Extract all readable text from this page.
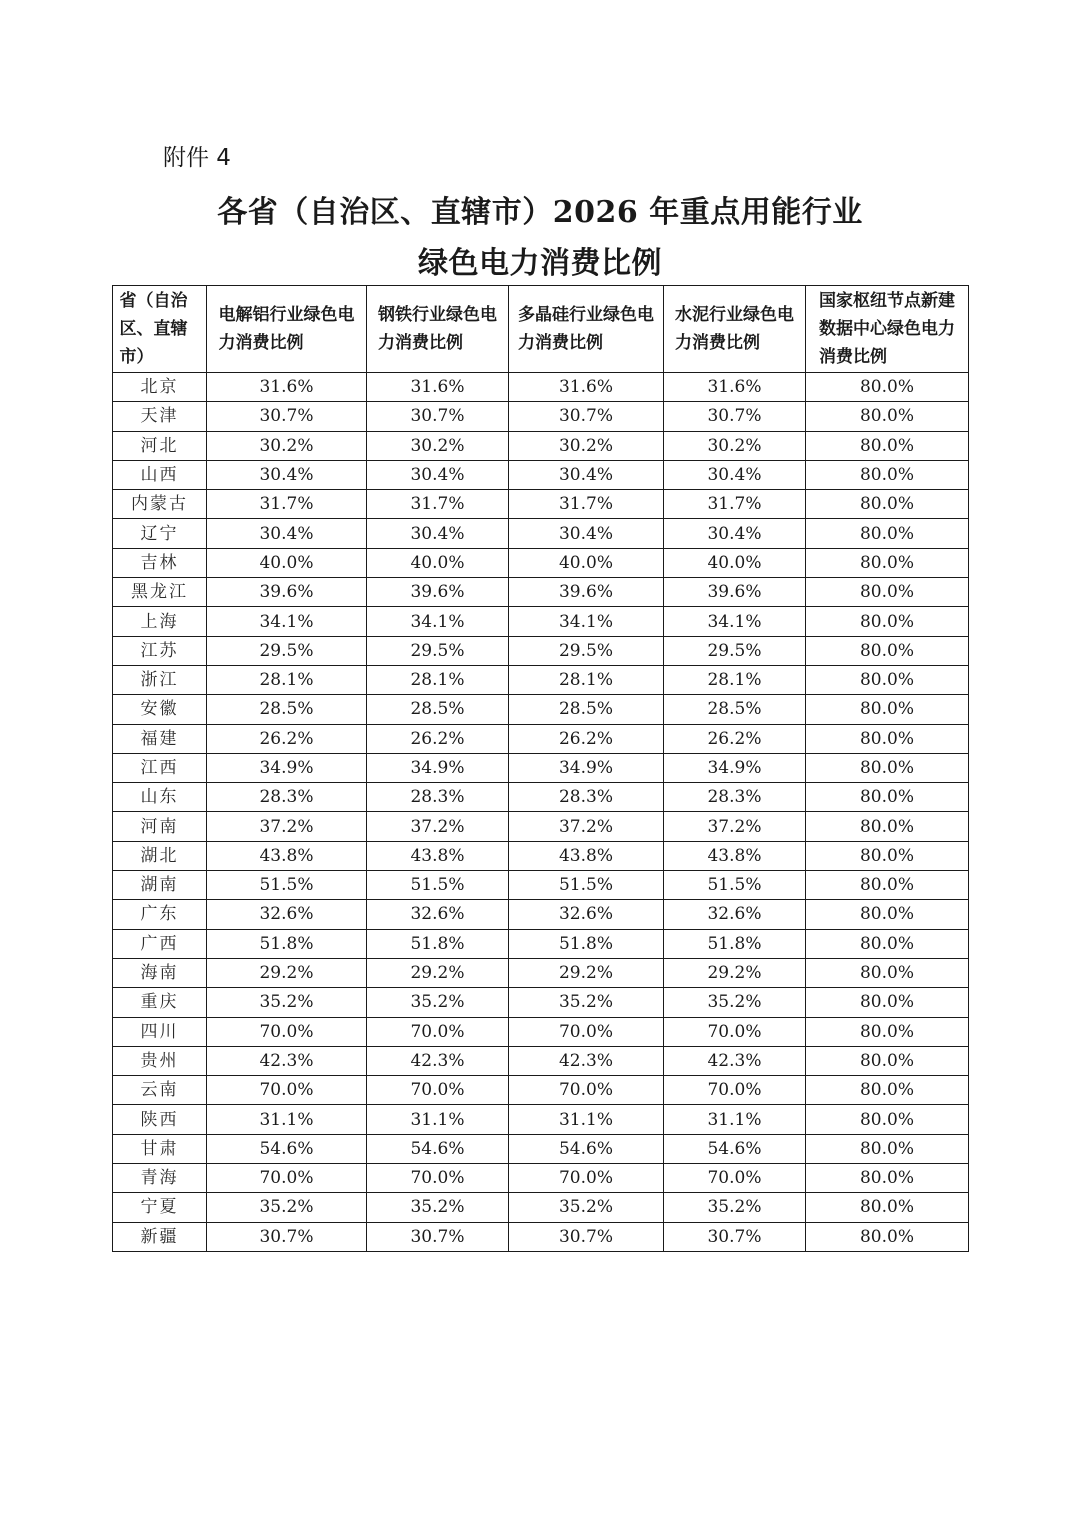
附件 4
各省（自治区、直辖市）2026 年重点用能行业
绿色电力消费比例
省（自治区、直辖市）	电解铝行业绿色电力消费比例	钢铁行业绿色电力消费比例	多晶硅行业绿色电力消费比例	水泥行业绿色电力消费比例	国家枢纽节点新建数据中心绿色电力消费比例
北京	31.6%	31.6%	31.6%	31.6%	80.0%
天津	30.7%	30.7%	30.7%	30.7%	80.0%
河北	30.2%	30.2%	30.2%	30.2%	80.0%
山西	30.4%	30.4%	30.4%	30.4%	80.0%
内蒙古	31.7%	31.7%	31.7%	31.7%	80.0%
辽宁	30.4%	30.4%	30.4%	30.4%	80.0%
吉林	40.0%	40.0%	40.0%	40.0%	80.0%
黑龙江	39.6%	39.6%	39.6%	39.6%	80.0%
上海	34.1%	34.1%	34.1%	34.1%	80.0%
江苏	29.5%	29.5%	29.5%	29.5%	80.0%
浙江	28.1%	28.1%	28.1%	28.1%	80.0%
安徽	28.5%	28.5%	28.5%	28.5%	80.0%
福建	26.2%	26.2%	26.2%	26.2%	80.0%
江西	34.9%	34.9%	34.9%	34.9%	80.0%
山东	28.3%	28.3%	28.3%	28.3%	80.0%
河南	37.2%	37.2%	37.2%	37.2%	80.0%
湖北	43.8%	43.8%	43.8%	43.8%	80.0%
湖南	51.5%	51.5%	51.5%	51.5%	80.0%
广东	32.6%	32.6%	32.6%	32.6%	80.0%
广西	51.8%	51.8%	51.8%	51.8%	80.0%
海南	29.2%	29.2%	29.2%	29.2%	80.0%
重庆	35.2%	35.2%	35.2%	35.2%	80.0%
四川	70.0%	70.0%	70.0%	70.0%	80.0%
贵州	42.3%	42.3%	42.3%	42.3%	80.0%
云南	70.0%	70.0%	70.0%	70.0%	80.0%
陕西	31.1%	31.1%	31.1%	31.1%	80.0%
甘肃	54.6%	54.6%	54.6%	54.6%	80.0%
青海	70.0%	70.0%	70.0%	70.0%	80.0%
宁夏	35.2%	35.2%	35.2%	35.2%	80.0%
新疆	30.7%	30.7%	30.7%	30.7%	80.0%
